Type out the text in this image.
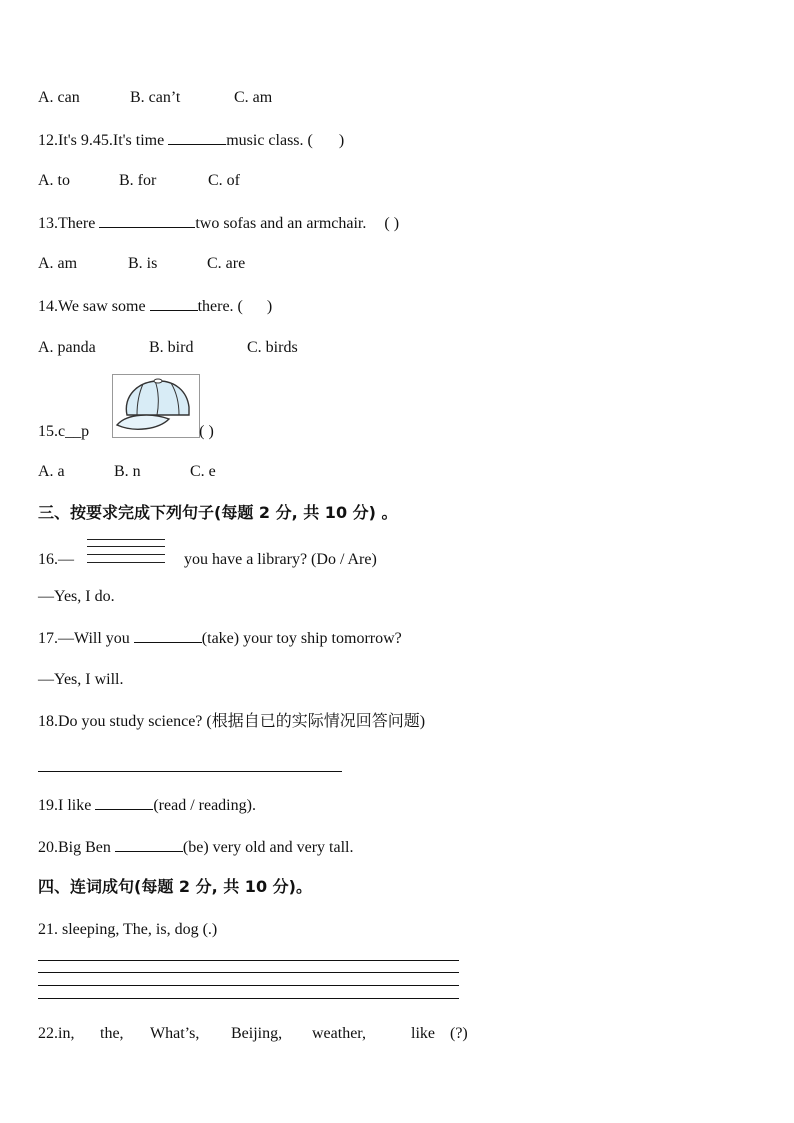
A. can	B. can’t	C. am
12.It's 9.45.It's time	music class. ( )
A. to	B. for	C. of
13.There	two sofas and an armchair. ( )
A. am	B. is	C. are
14.We saw some	there. ( )
A. panda	B. bird	C. birds
15.c__p	( )
A. a	B. n	C. e
三、按要求完成下列句子(每题 2 分, 共 10 分) 。
16.—	you have a library? (Do / Are)
—Yes, I do.
17.—Will you	(take) your toy ship tomorrow?
—Yes, I will.
18.Do you study science? (根据自已的实际情况回答问题)
19.I like	(read / reading).
20.Big Ben	(be) very old and very tall.
四、连词成句(每题 2 分, 共 10 分)。
21. sleeping, The, is, dog (.)
22.in, the, What’s, Beijing, weather,	like (?)
